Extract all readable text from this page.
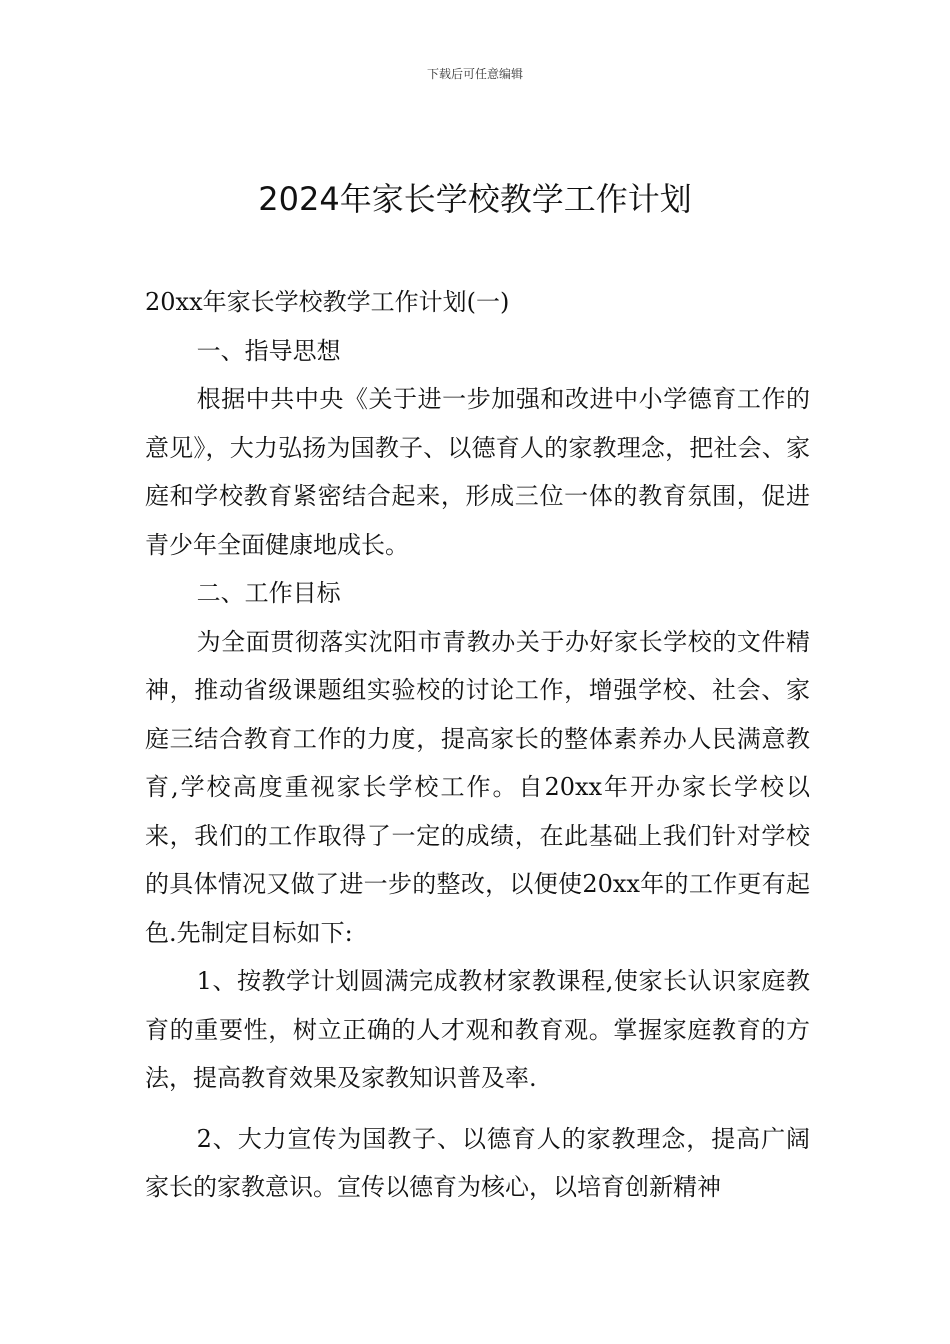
下载后可任意编辑
2024年家长学校教学工作计划

20xx年家长学校教学工作计划(一)

一、指导思想

根据中共中央《关于进一步加强和改进中小学德育工作的意见》，大力弘扬为国教子、以德育人的家教理念，把社会、家庭和学校教育紧密结合起来，形成三位一体的教育氛围，促进青少年全面健康地成长。

二、工作目标

为全面贯彻落实沈阳市青教办关于办好家长学校的文件精神，推动省级课题组实验校的讨论工作，增强学校、社会、家庭三结合教育工作的力度，提高家长的整体素养办人民满意教育,学校高度重视家长学校工作。自20xx年开办家长学校以来，我们的工作取得了一定的成绩，在此基础上我们针对学校的具体情况又做了进一步的整改，以便使20xx年的工作更有起色.先制定目标如下:

1、按教学计划圆满完成教材家教课程,使家长认识家庭教育的重要性，树立正确的人才观和教育观。掌握家庭教育的方法，提高教育效果及家教知识普及率.

2、大力宣传为国教子、以德育人的家教理念，提高广阔家长的家教意识。宣传以德育为核心，以培育创新精神
